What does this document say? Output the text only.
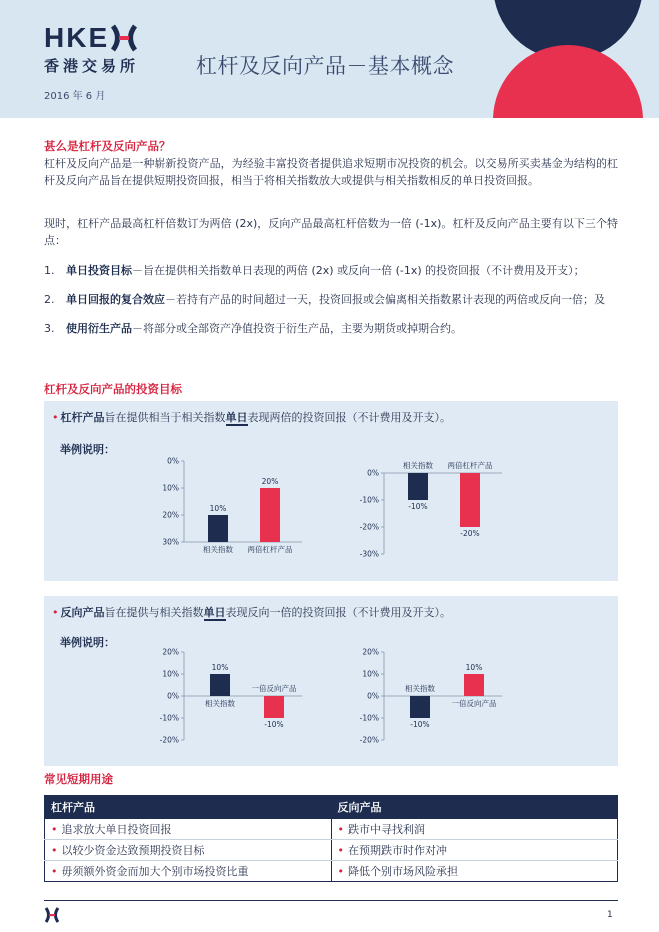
HKE
香港交易所	杠杆及反向产品－基本概念
2016 年 6 月
甚么是杠杆及反向产品？
杠杆及反向产品是一种崭新投资产品，为经验丰富投资者提供追求短期市况投资的机会。以交易所买卖基金为结构的杠杆及反向产品旨在提供短期投资回报，相当于将相关指数放大或提供与相关指数相反的单日投资回报。
现时，杠杆产品最高杠杆倍数订为两倍 (2x)，反向产品最高杠杆倍数为一倍 (-1x)。杠杆及反向产品主要有以下三个特点：
1. 单日投资目标－旨在提供相关指数单日表现的两倍 (2x) 或反向一倍 (-1x) 的投资回报（不计费用及开支）；
2. 单日回报的复合效应－若持有产品的时间超过一天，投资回报或会偏离相关指数累计表现的两倍或反向一倍；及
3. 使用衍生产品－将部分或全部资产净值投资于衍生产品，主要为期货或掉期合约。
杠杆及反向产品的投资目标
• 杠杆产品旨在提供相当于相关指数单日表现两倍的投资回报（不计费用及开支）。
举例说明：
0%
10%
20%
30%
10%
相关指数
20%
两倍杠杆产品
0%
-10%
-20%
-30%
-10%
相关指数
-20%
两倍杠杆产品
• 反向产品旨在提供与相关指数单日表现反向一倍的投资回报（不计费用及开支）。
举例说明：
20%
10%
0%
-10%
-20%
10%
相关指数
-10%
一倍反向产品
20%
10%
0%
-10%
-20%
-10%
相关指数
10%
一倍反向产品
常见短期用途
杠杆产品	反向产品
• 追求放大单日投资回报	• 跌市中寻找利润
• 以较少资金达致预期投资目标	• 在预期跌市时作对冲
• 毋须额外资金而加大个别市场投资比重	• 降低个别市场风险承担
1
